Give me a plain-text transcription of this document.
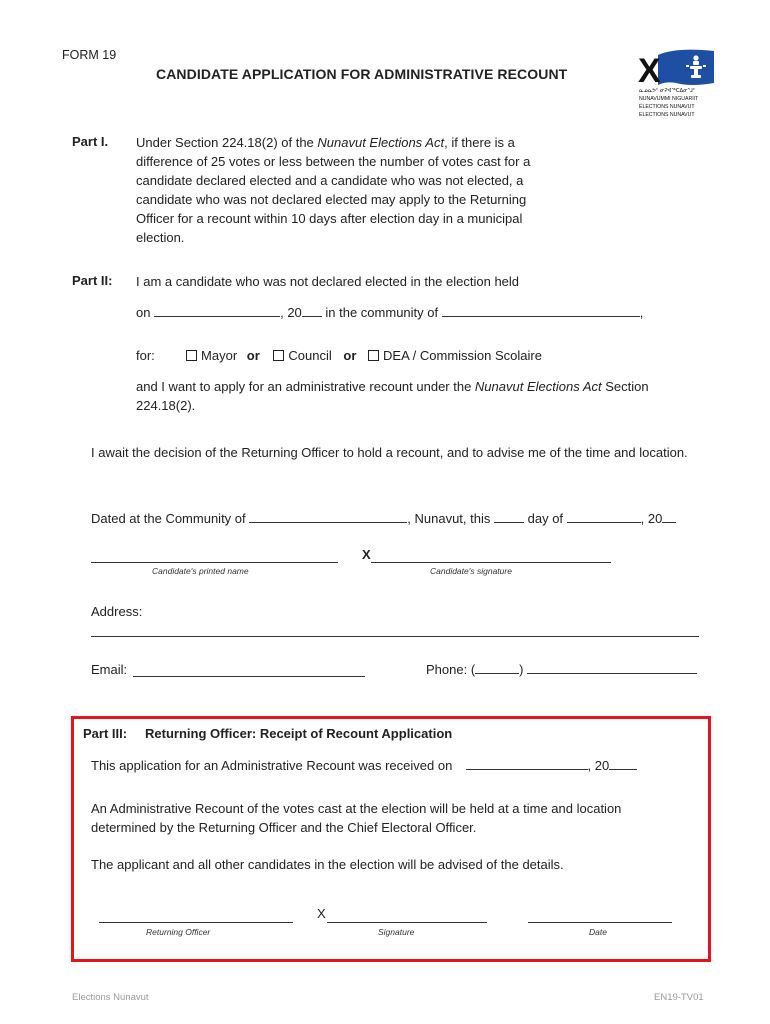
FORM 19
CANDIDATE APPLICATION FOR ADMINISTRATIVE RECOUNT X
ᓇᓄᓇᕗᑦ ᓂᕈᐊᖅᑕᐃᓂᕐᒧᑦ
NUNAVUMMI NIGUARIIT
ÉLECTIONS NUNAVUT
ELECTIONS NUNAVUT
Part I. Under Section 224.18(2) of the Nunavut Elections Act, if there is a difference of 25 votes or less between the number of votes cast for a candidate declared elected and a candidate who was not elected, a candidate who was not declared elected may apply to the Returning Officer for a recount within 10 days after election day in a municipal election.
Part II: I am a candidate who was not declared elected in the election held
on	, 20 in the community of	,
for:	Mayor or Council or DEA / Commission Scolaire
and I want to apply for an administrative recount under the Nunavut Elections Act Section 224.18(2).
I await the decision of the Returning Officer to hold a recount, and to advise me of the time and location.
Dated at the Community of	, Nunavut, this	day of	, 20
X
Candidate's printed name	Candidate's signature
Address:
Email:	Phone: (	)
Part III: Returning Officer: Receipt of Recount Application
This application for an Administrative Recount was received on	, 20
An Administrative Recount of the votes cast at the election will be held at a time and location determined by the Returning Officer and the Chief Electoral Officer.
The applicant and all other candidates in the election will be advised of the details.
X
Returning Officer	Signature	Date
Elections Nunavut	EN19-TV01
